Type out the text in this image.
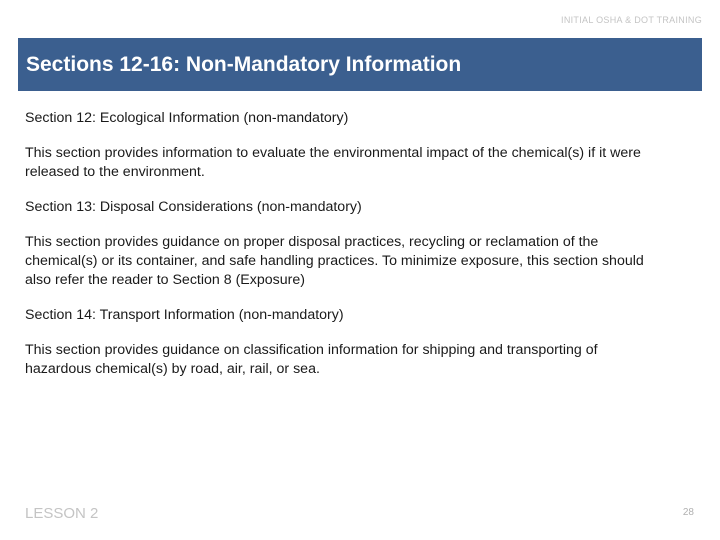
INITIAL OSHA & DOT TRAINING
Sections 12-16: Non-Mandatory Information

Section 12: Ecological Information (non-mandatory)

This section provides information to evaluate the environmental impact of the chemical(s) if it were released to the environment.

Section 13: Disposal Considerations (non-mandatory)

This section provides guidance on proper disposal practices, recycling or reclamation of the chemical(s) or its container, and safe handling practices. To minimize exposure, this section should also refer the reader to Section 8 (Exposure)

Section 14: Transport Information (non-mandatory)

This section provides guidance on classification information for shipping and transporting of hazardous chemical(s) by road, air, rail, or sea.

LESSON 2	28
